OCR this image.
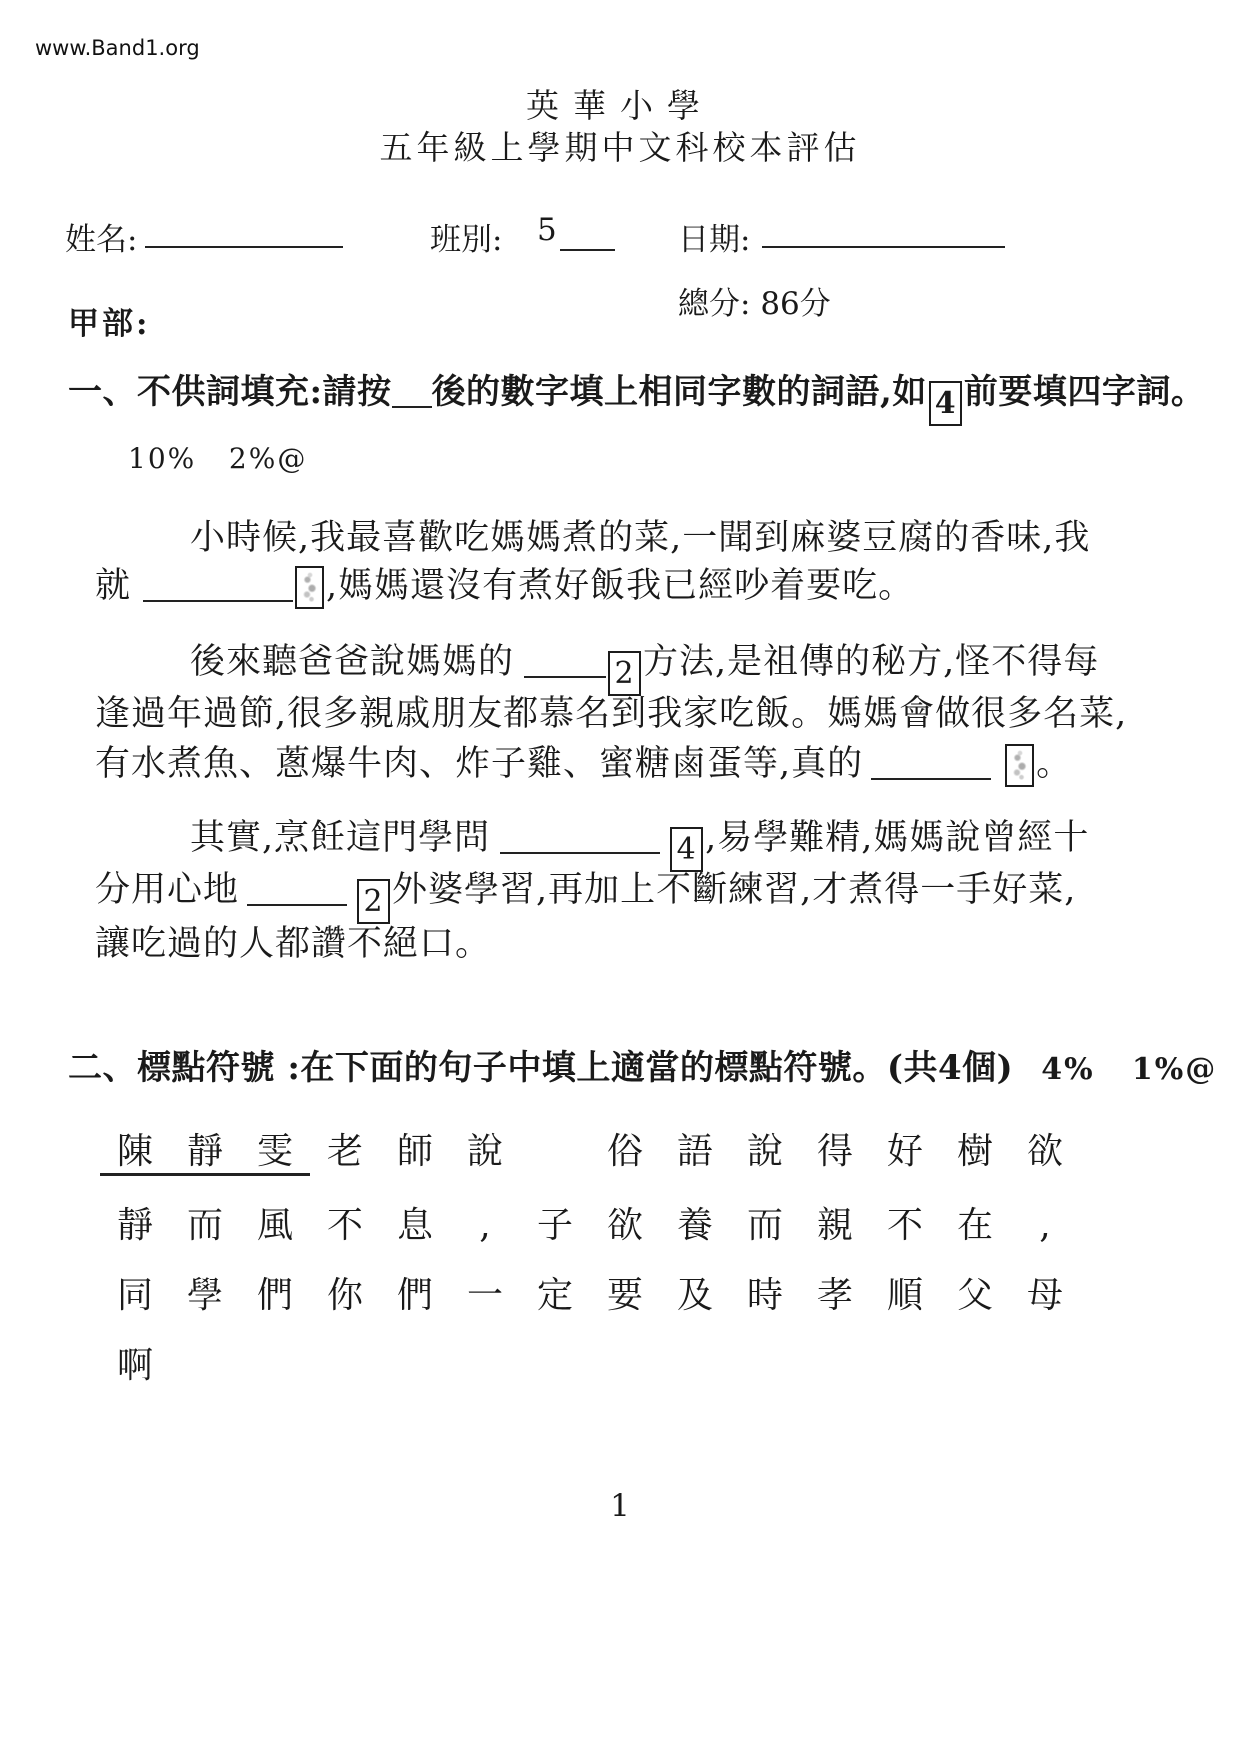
www.Band1.org
英華小學
五年級上學期中文科校本評估
姓名:	班別: 5	日期:
總分: 86分
甲部:
一、不供詞填充:請按 後的數字填上相同字數的詞語,如 4 前要填四字詞。
10%   2%@
小時候,我最喜歡吃媽媽煮的菜,一聞到麻婆豆腐的香味,我
就	,媽媽還沒有煮好飯我已經吵着要吃。
後來聽爸爸說媽媽的	2 方法,是祖傳的秘方,怪不得每
逢過年過節,很多親戚朋友都慕名到我家吃飯。媽媽會做很多名菜,
有水煮魚、蔥爆牛肉、炸子雞、蜜糖鹵蛋等,真的	。
其實,烹飪這門學問	4 ,易學難精,媽媽說曾經十
分用心地	2 外婆學習,再加上不斷練習,才煮得一手好菜,
讓吃過的人都讚不絕口。
二、標點符號 :在下面的句子中填上適當的標點符號。(共4個) 4%   1%@
陳 靜 雯 老 師 說	俗 語 說 得 好 樹 欲
靜 而 風 不 息	,	子 欲 養 而 親 不 在	,
同 學 們 你 們 一 定 要 及 時 孝 順 父 母
啊
1
